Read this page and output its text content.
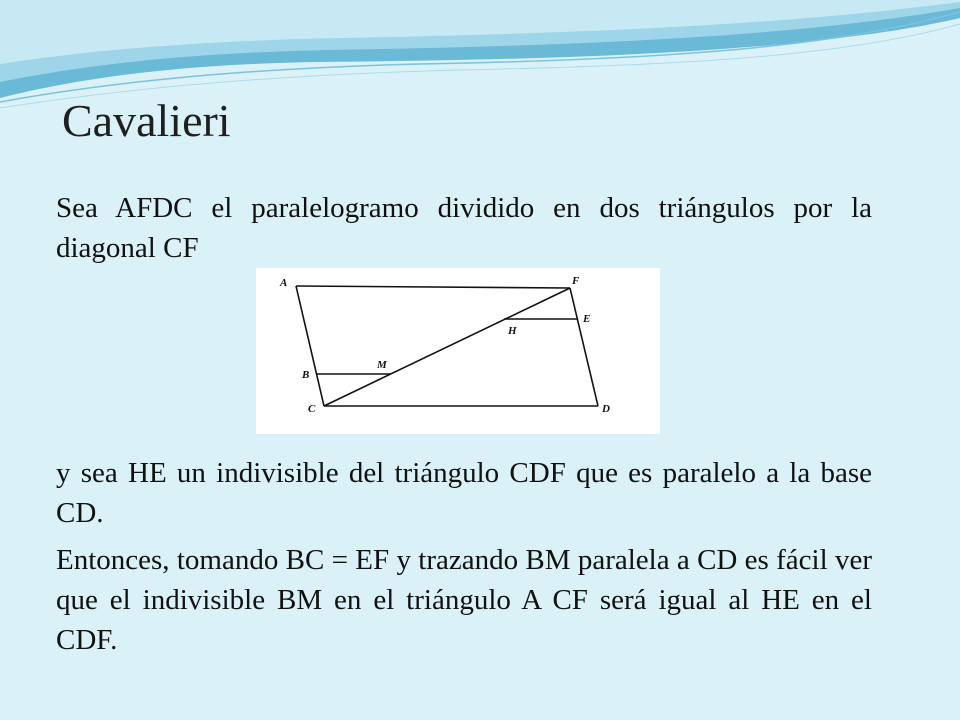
Cavalieri
Sea AFDC el paralelogramo dividido en dos triángulos por la diagonal CF
A	F
E
H
M
B
C	D
y sea HE un indivisible del triángulo CDF que es paralelo a la base CD.
Entonces, tomando BC = EF y trazando BM paralela a CD es fácil ver que el indivisible BM en el triángulo A CF será igual al HE en el CDF.
